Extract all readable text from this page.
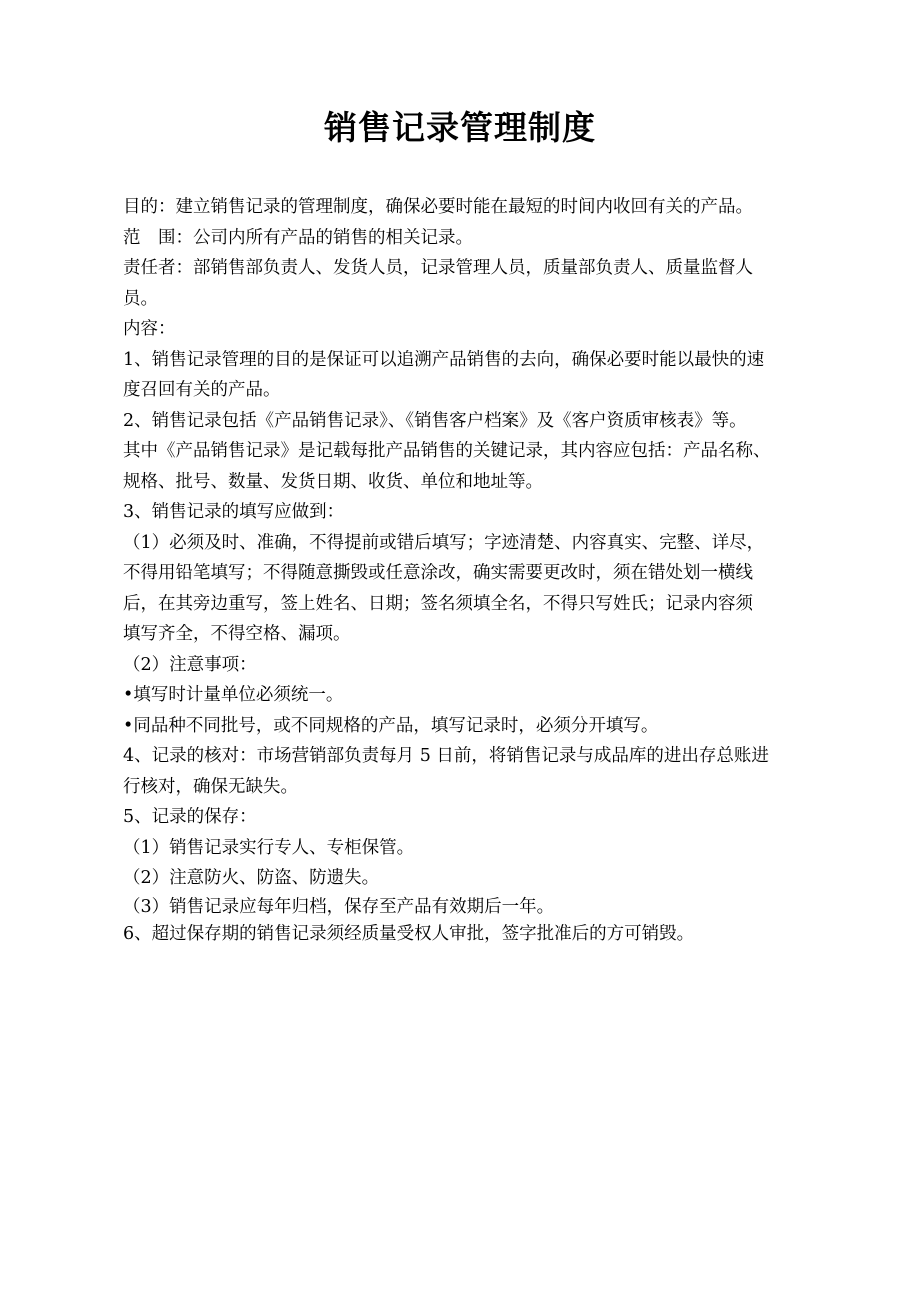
销售记录管理制度

目的：建立销售记录的管理制度，确保必要时能在最短的时间内收回有关的产品。

范　围：公司内所有产品的销售的相关记录。

责任者：部销售部负责人、发货人员，记录管理人员，质量部负责人、质量监督人

员。

内容：

1、销售记录管理的目的是保证可以追溯产品销售的去向，确保必要时能以最快的速

度召回有关的产品。

2、销售记录包括《产品销售记录》、《销售客户档案》及《客户资质审核表》等。

其中《产品销售记录》是记载每批产品销售的关键记录，其内容应包括：产品名称、

规格、批号、数量、发货日期、收货、单位和地址等。

3、销售记录的填写应做到：

（1）必须及时、准确，不得提前或错后填写；字迹清楚、内容真实、完整、详尽，

不得用铅笔填写；不得随意撕毁或任意涂改，确实需要更改时，须在错处划一横线

后，在其旁边重写，签上姓名、日期；签名须填全名，不得只写姓氏；记录内容须

填写齐全，不得空格、漏项。

（2）注意事项：

•填写时计量单位必须统一。

•同品种不同批号，或不同规格的产品，填写记录时，必须分开填写。

4、记录的核对：市场营销部负责每月 5 日前，将销售记录与成品库的进出存总账进

行核对，确保无缺失。

5、记录的保存：

（1）销售记录实行专人、专柜保管。

（2）注意防火、防盗、防遗失。

（3）销售记录应每年归档，保存至产品有效期后一年。

6、超过保存期的销售记录须经质量受权人审批，签字批准后的方可销毁。
